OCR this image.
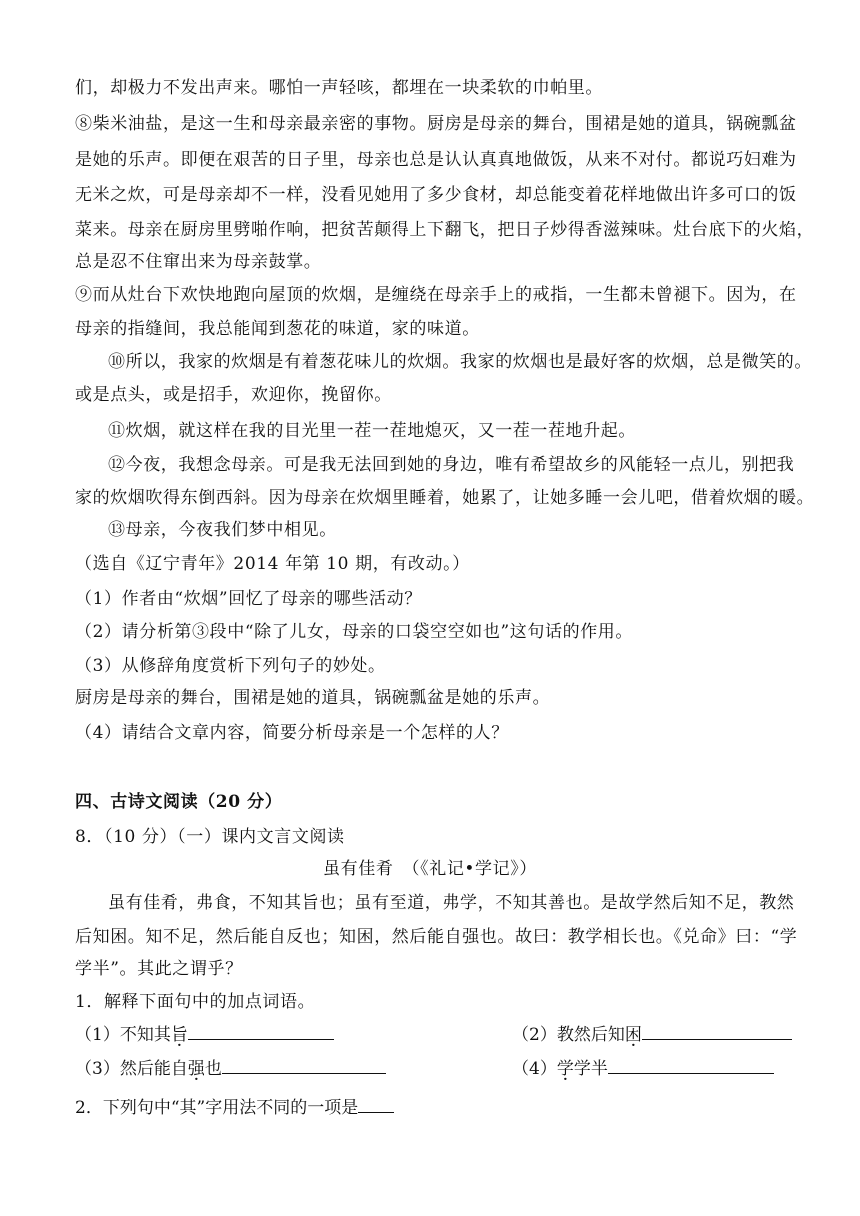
们，却极力不发出声来。哪怕一声轻咳，都埋在一块柔软的巾帕里。
⑧柴米油盐，是这一生和母亲最亲密的事物。厨房是母亲的舞台，围裙是她的道具，锅碗瓢盆
是她的乐声。即便在艰苦的日子里，母亲也总是认认真真地做饭，从来不对付。都说巧妇难为
无米之炊，可是母亲却不一样，没看见她用了多少食材，却总能变着花样地做出许多可口的饭
菜来。母亲在厨房里劈啪作响，把贫苦颠得上下翻飞，把日子炒得香滋辣味。灶台底下的火焰，
总是忍不住窜出来为母亲鼓掌。
⑨而从灶台下欢快地跑向屋顶的炊烟，是缠绕在母亲手上的戒指，一生都未曾褪下。因为，在
母亲的指缝间，我总能闻到葱花的味道，家的味道。
⑩所以，我家的炊烟是有着葱花味儿的炊烟。我家的炊烟也是最好客的炊烟，总是微笑的。
或是点头，或是招手，欢迎你，挽留你。
⑪炊烟，就这样在我的目光里一茬一茬地熄灭，又一茬一茬地升起。
⑫今夜，我想念母亲。可是我无法回到她的身边，唯有希望故乡的风能轻一点儿，别把我
家的炊烟吹得东倒西斜。因为母亲在炊烟里睡着，她累了，让她多睡一会儿吧，借着炊烟的暖。
⑬母亲，今夜我们梦中相见。
（选自《辽宁青年》2014 年第 10 期，有改动。）
（1）作者由“炊烟”回忆了母亲的哪些活动？
（2）请分析第③段中“除了儿女，母亲的口袋空空如也”这句话的作用。
（3）从修辞角度赏析下列句子的妙处。
厨房是母亲的舞台，围裙是她的道具，锅碗瓢盆是她的乐声。
（4）请结合文章内容，简要分析母亲是一个怎样的人？
四、古诗文阅读（20 分）
8．（10 分）（一）课内文言文阅读
虽有佳肴　（《礼记•学记》）
虽有佳肴，弗食，不知其旨也；虽有至道，弗学，不知其善也。是故学然后知不足，教然
后知困。知不足，然后能自反也；知困，然后能自强也。故曰：教学相长也。《兑命》曰：“学
学半”。其此之谓乎？
1．解释下面句中的加点词语。
（1）不知其旨	（2）教然后知困
（3）然后能自强也	（4）学学半
2．下列句中“其”字用法不同的一项是
